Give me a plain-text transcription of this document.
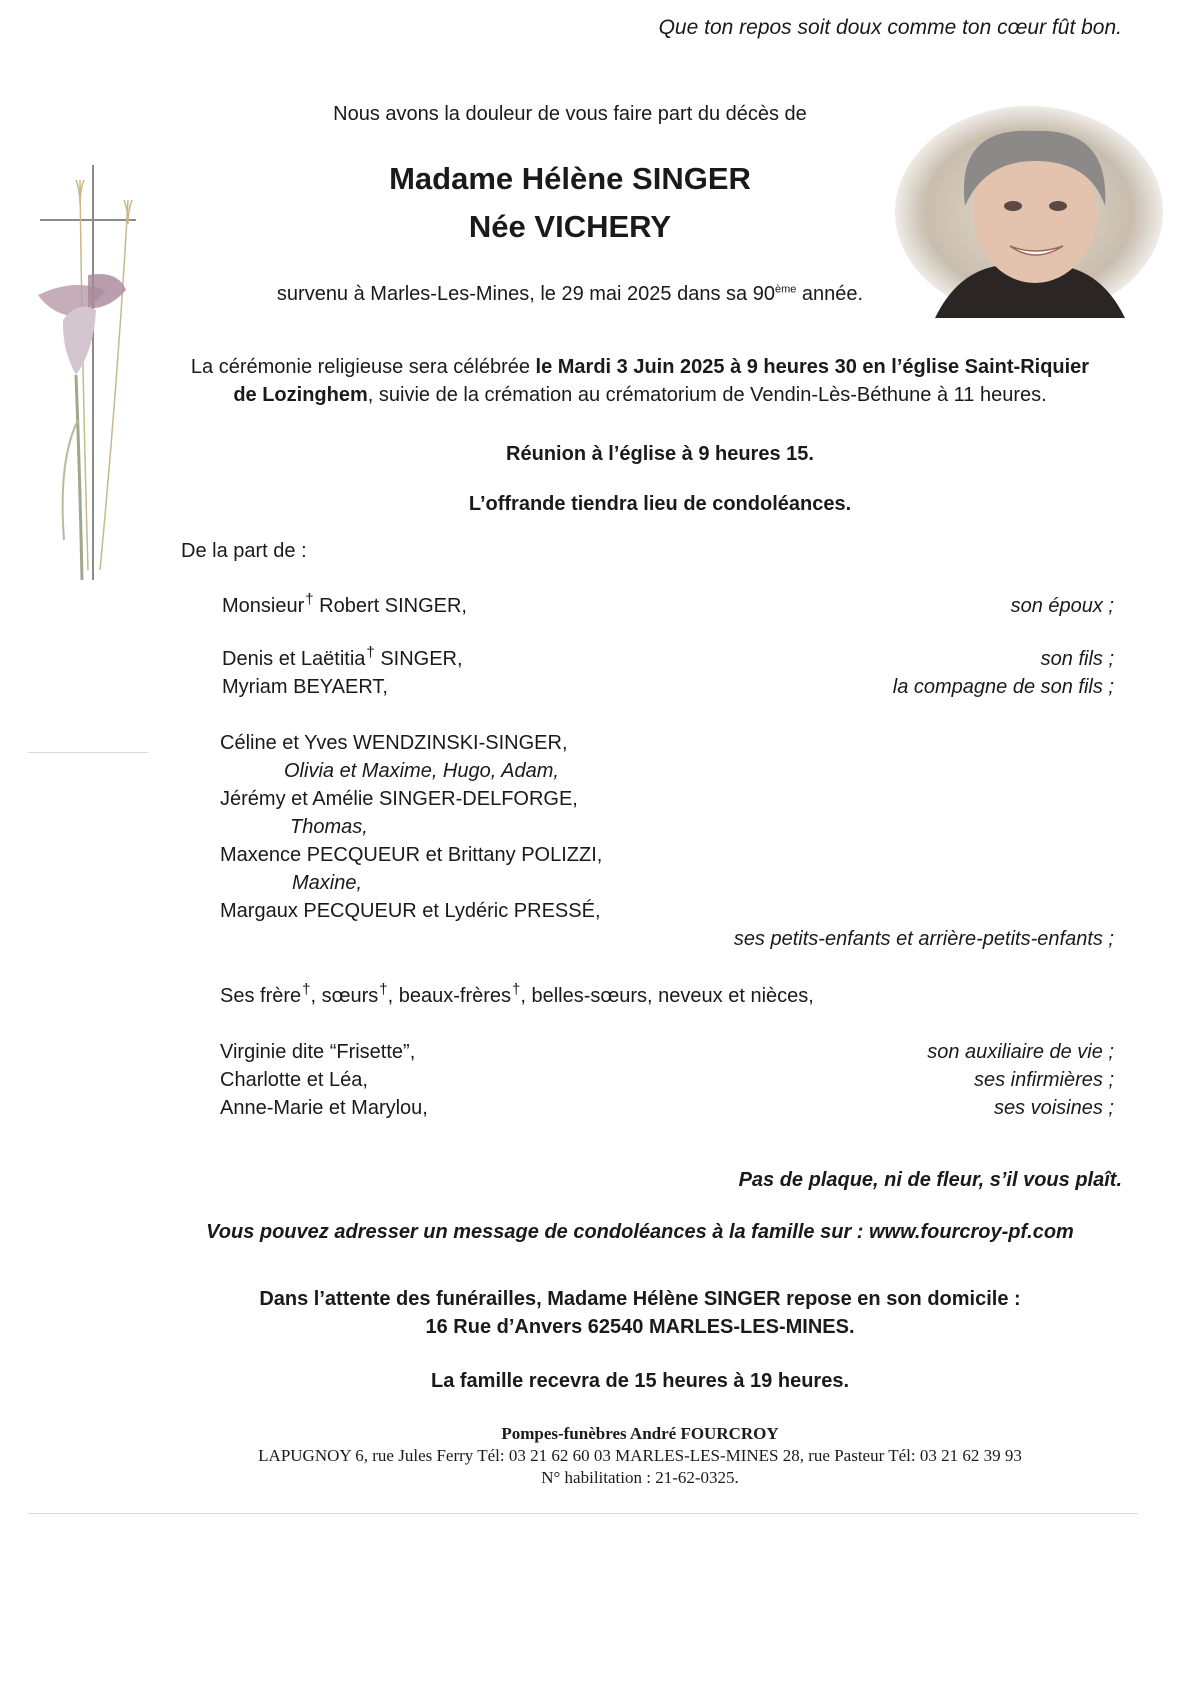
Que ton repos soit doux comme ton cœur fût bon.
Nous avons la douleur de vous faire part du décès de
Madame Hélène SINGER
Née VICHERY
survenu à Marles-Les-Mines, le 29 mai 2025 dans sa 90ème année.
La cérémonie religieuse sera célébrée le Mardi 3 Juin 2025 à 9 heures 30 en l’église Saint-Riquier
de Lozinghem, suivie de la crémation au crématorium de Vendin-Lès-Béthune à 11 heures.
Réunion à l’église à 9 heures 15.
L’offrande tiendra lieu de condoléances.
De la part de :
Monsieur† Robert SINGER,	son époux ;
Denis et Laëtitia† SINGER,	son fils ;
Myriam BEYAERT,	la compagne de son fils ;
Céline et Yves WENDZINSKI-SINGER,
Olivia et Maxime, Hugo, Adam,
Jérémy et Amélie SINGER-DELFORGE,
Thomas,
Maxence PECQUEUR et Brittany POLIZZI,
Maxine,
Margaux PECQUEUR et Lydéric PRESSÉ,
ses petits-enfants et arrière-petits-enfants ;
Ses frère†, sœurs†, beaux-frères†, belles-sœurs, neveux et nièces,
Virginie dite “Frisette”,	son auxiliaire de vie ;
Charlotte et Léa,	ses infirmières ;
Anne-Marie et Marylou,	ses voisines ;
Pas de plaque, ni de fleur, s’il vous plaît.
Vous pouvez adresser un message de condoléances à la famille sur : www.fourcroy-pf.com
Dans l’attente des funérailles, Madame Hélène SINGER repose en son domicile :
16 Rue d’Anvers 62540 MARLES-LES-MINES.
La famille recevra de 15 heures à 19 heures.
Pompes-funèbres André FOURCROY
LAPUGNOY 6, rue Jules Ferry Tél: 03 21 62 60 03 MARLES-LES-MINES 28, rue Pasteur Tél: 03 21 62 39 93
N° habilitation : 21-62-0325.
